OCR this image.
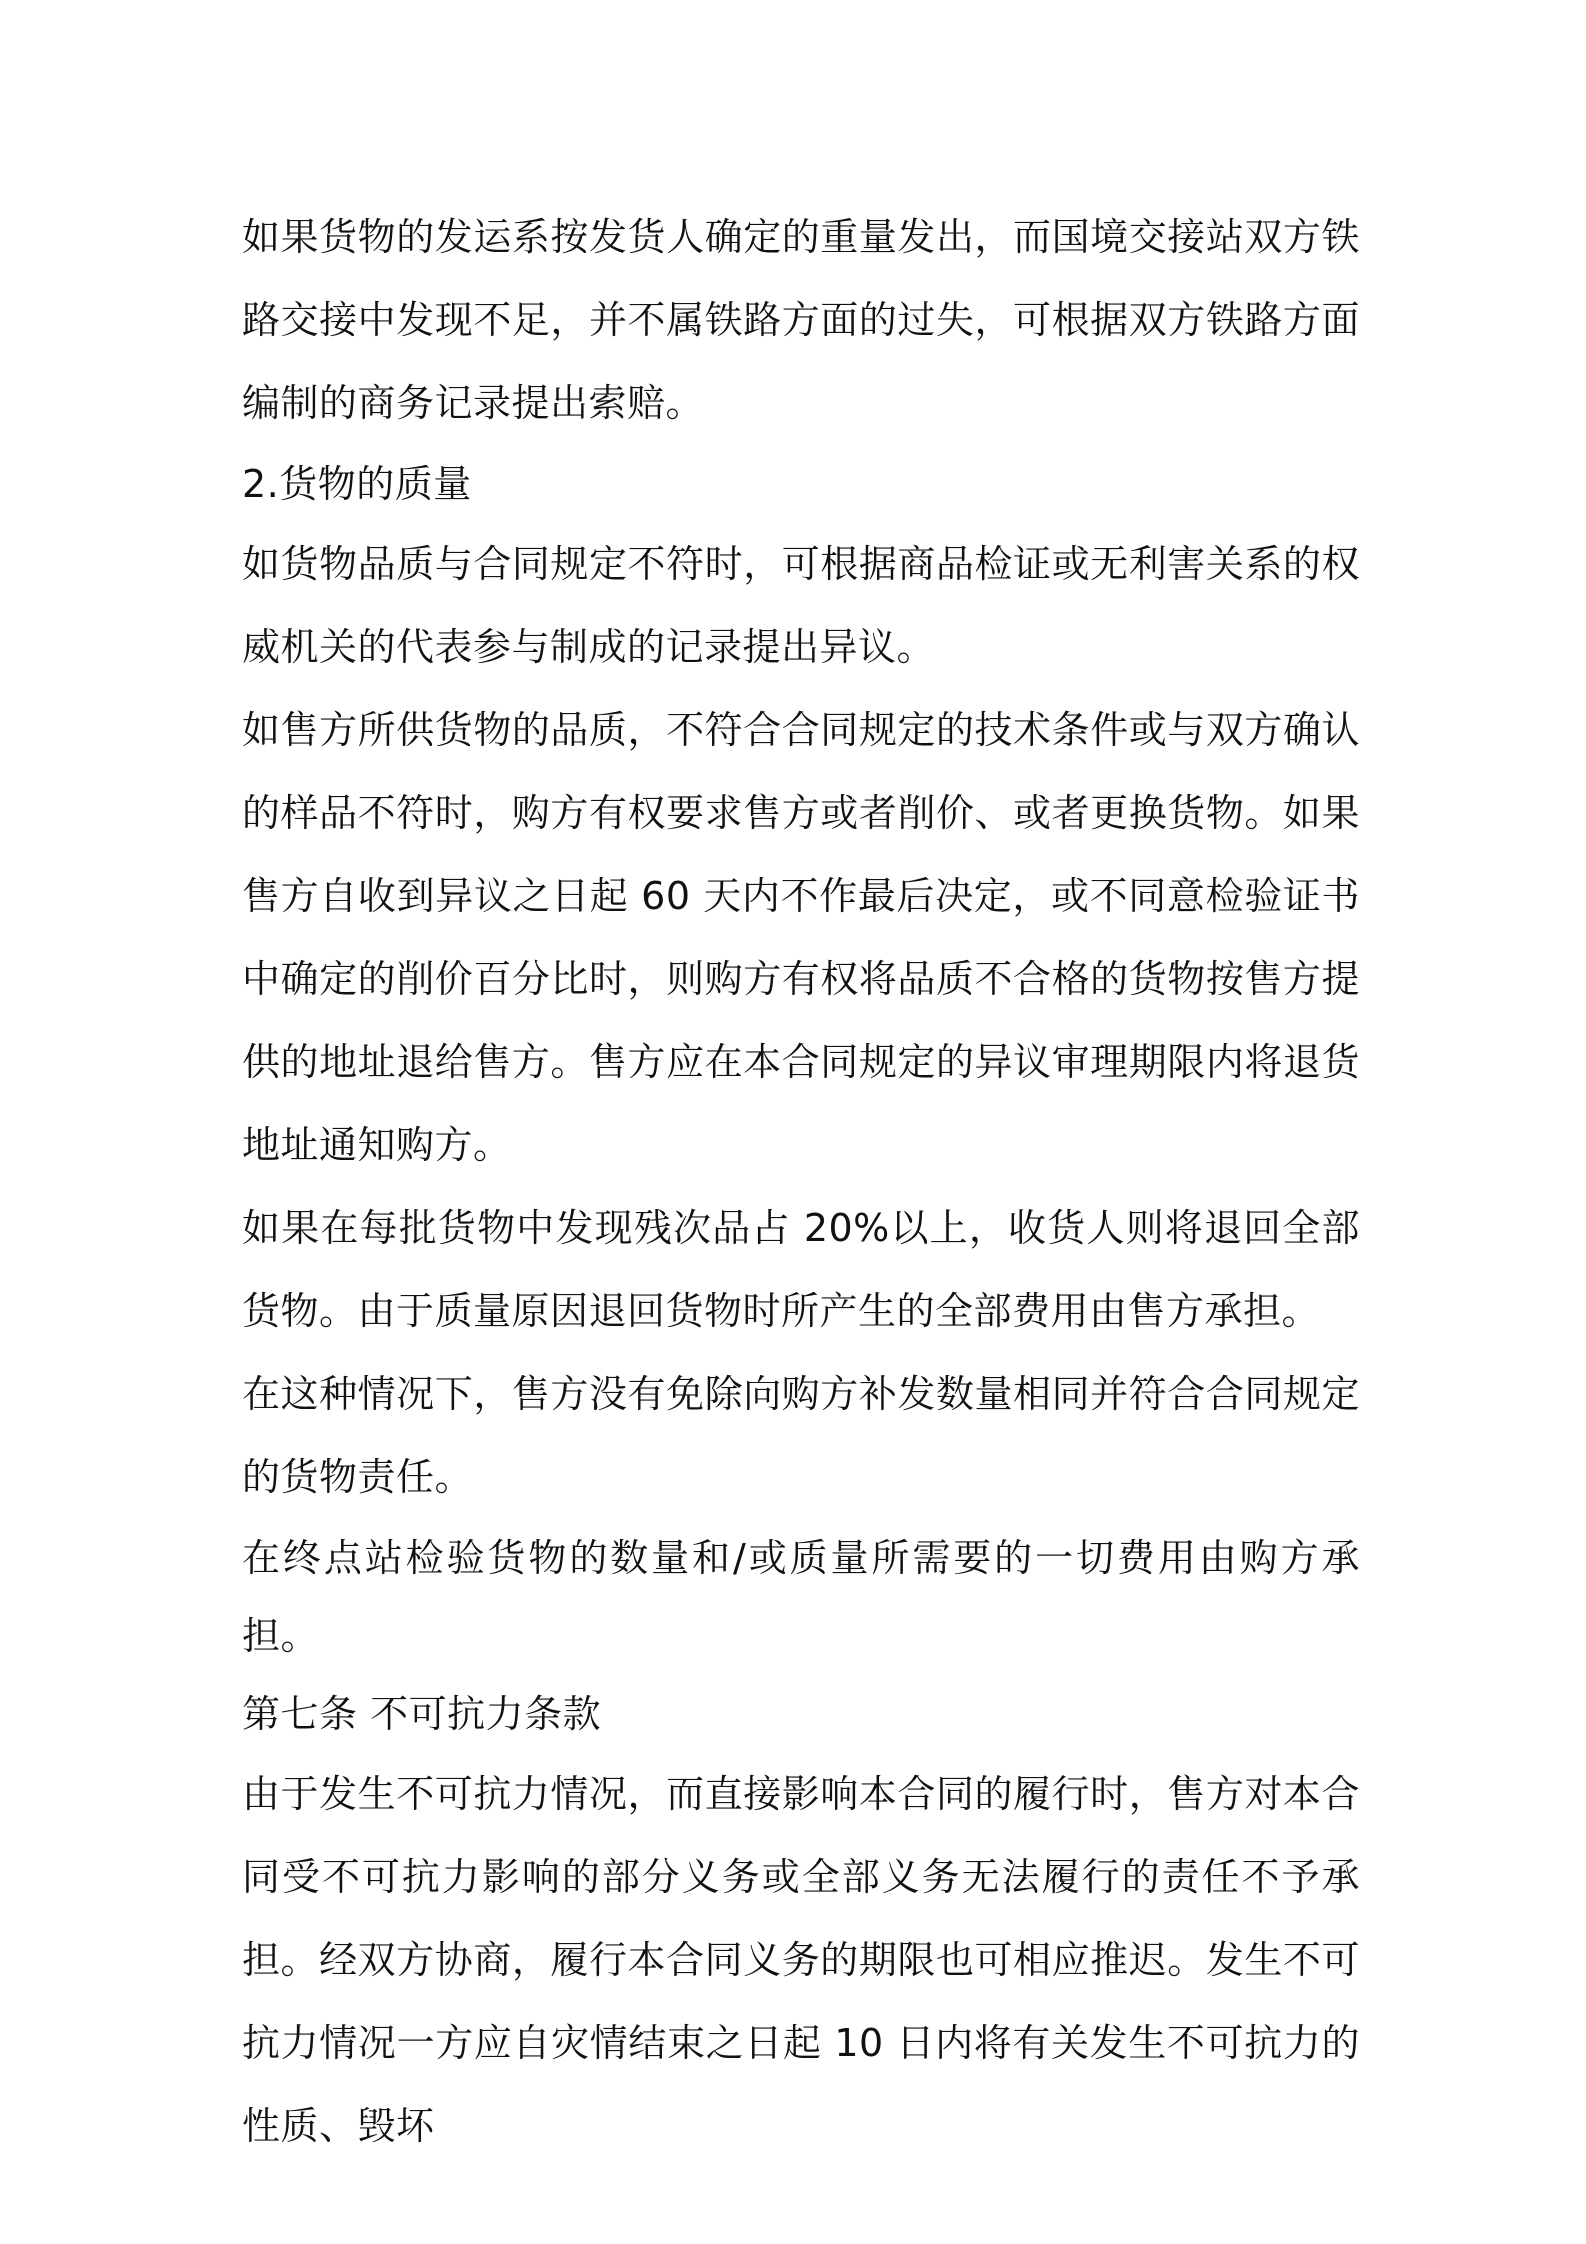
如果货物的发运系按发货人确定的重量发出，而国境交接站双方铁路交接中发现不足，并不属铁路方面的过失，可根据双方铁路方面编制的商务记录提出索赔。

2.货物的质量

如货物品质与合同规定不符时，可根据商品检证或无利害关系的权威机关的代表参与制成的记录提出异议。

如售方所供货物的品质，不符合合同规定的技术条件或与双方确认的样品不符时，购方有权要求售方或者削价、或者更换货物。如果售方自收到异议之日起 60 天内不作最后决定，或不同意检验证书中确定的削价百分比时，则购方有权将品质不合格的货物按售方提供的地址退给售方。售方应在本合同规定的异议审理期限内将退货地址通知购方。

如果在每批货物中发现残次品占 20%以上，收货人则将退回全部货物。由于质量原因退回货物时所产生的全部费用由售方承担。

在这种情况下，售方没有免除向购方补发数量相同并符合合同规定的货物责任。

在终点站检验货物的数量和/或质量所需要的一切费用由购方承担。

第七条 不可抗力条款

由于发生不可抗力情况，而直接影响本合同的履行时，售方对本合同受不可抗力影响的部分义务或全部义务无法履行的责任不予承担。经双方协商，履行本合同义务的期限也可相应推迟。发生不可抗力情况一方应自灾情结束之日起 10 日内将有关发生不可抗力的性质、毁坏
